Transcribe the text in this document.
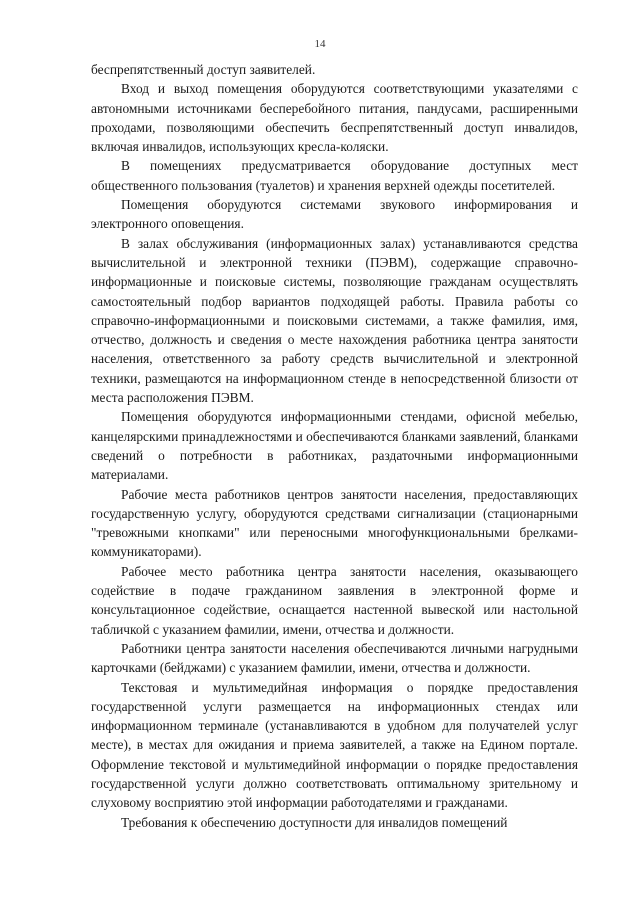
14

беспрепятственный доступ заявителей.

Вход и выход помещения оборудуются соответствующими указателями с автономными источниками бесперебойного питания, пандусами, расширенными проходами, позволяющими обеспечить беспрепятственный доступ инвалидов, включая инвалидов, использующих кресла-коляски.

В помещениях предусматривается оборудование доступных мест общественного пользования (туалетов) и хранения верхней одежды посетителей.

Помещения оборудуются системами звукового информирования и электронного оповещения.

В залах обслуживания (информационных залах) устанавливаются средства вычислительной и электронной техники (ПЭВМ), содержащие справочно-информационные и поисковые системы, позволяющие гражданам осуществлять самостоятельный подбор вариантов подходящей работы. Правила работы со справочно-информационными и поисковыми системами, а также фамилия, имя, отчество, должность и сведения о месте нахождения работника центра занятости населения, ответственного за работу средств вычислительной и электронной техники, размещаются на информационном стенде в непосредственной близости от места расположения ПЭВМ.

Помещения оборудуются информационными стендами, офисной мебелью, канцелярскими принадлежностями и обеспечиваются бланками заявлений, бланками сведений о потребности в работниках, раздаточными информационными материалами.

Рабочие места работников центров занятости населения, предоставляющих государственную услугу, оборудуются средствами сигнализации (стационарными "тревожными кнопками" или переносными многофункциональными брелками-коммуникаторами).

Рабочее место работника центра занятости населения, оказывающего содействие в подаче гражданином заявления в электронной форме и консультационное содействие, оснащается настенной вывеской или настольной табличкой с указанием фамилии, имени, отчества и должности.

Работники центра занятости населения обеспечиваются личными нагрудными карточками (бейджами) с указанием фамилии, имени, отчества и должности.

Текстовая и мультимедийная информация о порядке предоставления государственной услуги размещается на информационных стендах или информационном терминале (устанавливаются в удобном для получателей услуг месте), в местах для ожидания и приема заявителей, а также на Едином портале. Оформление текстовой и мультимедийной информации о порядке предоставления государственной услуги должно соответствовать оптимальному зрительному и слуховому восприятию этой информации работодателями и гражданами.

Требования к обеспечению доступности для инвалидов помещений
